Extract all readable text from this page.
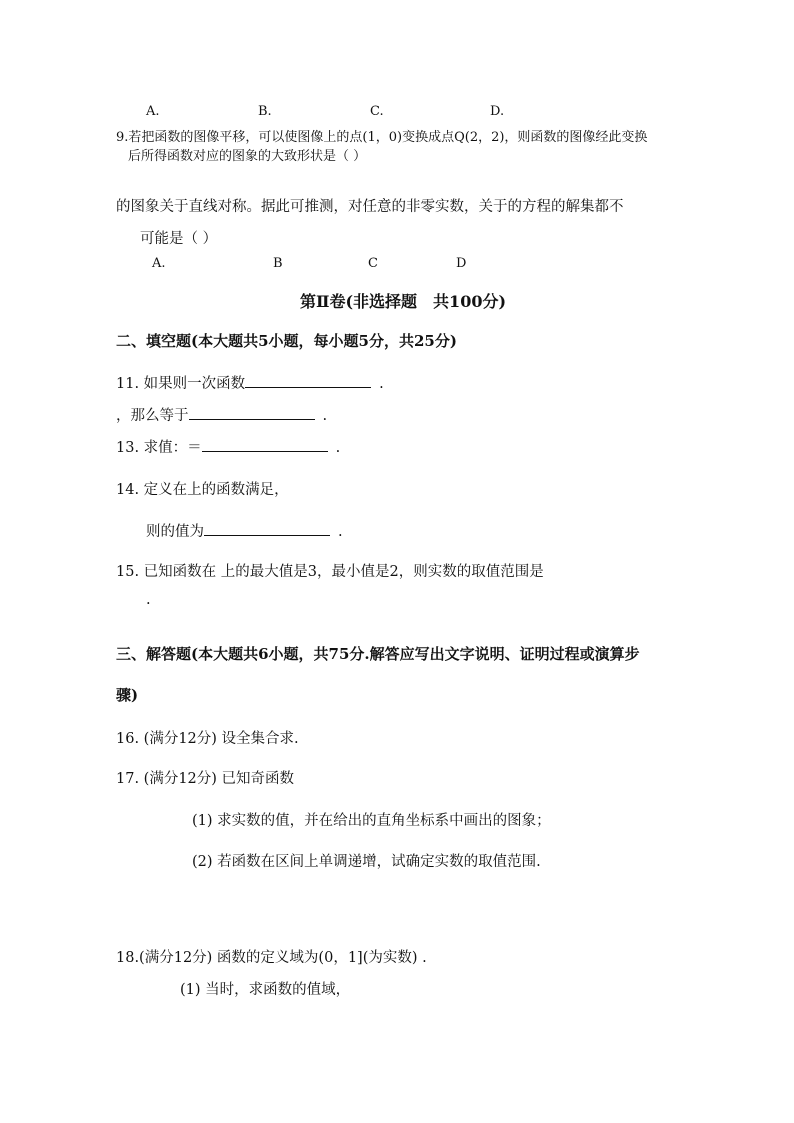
A.	B.	C.	D.
9.若把函数的图像平移，可以使图像上的点(1，0)变换成点Q(2，2)，则函数的图像经此变换
后所得函数对应的图象的大致形状是（ ）
的图象关于直线对称。据此可推测，对任意的非零实数，关于的方程的解集都不
可能是（ ）
A.	B	C	D
第Ⅱ卷(非选择题　共100分)
二、填空题(本大题共5小题，每小题5分，共25分)
11. 如果则一次函数	.
，那么等于	.
13. 求值：＝	.
14. 定义在上的函数满足，
则的值为	.
15. 已知函数在 上的最大值是3，最小值是2，则实数的取值范围是
.
三、解答题(本大题共6小题，共75分.解答应写出文字说明、证明过程或演算步
骤)
16. (满分12分) 设全集合求.
17. (满分12分) 已知奇函数
(1) 求实数的值，并在给出的直角坐标系中画出的图象；
(2) 若函数在区间上单调递增，试确定实数的取值范围.
18.(满分12分) 函数的定义域为(0，1](为实数) .
(1) 当时，求函数的值域，
